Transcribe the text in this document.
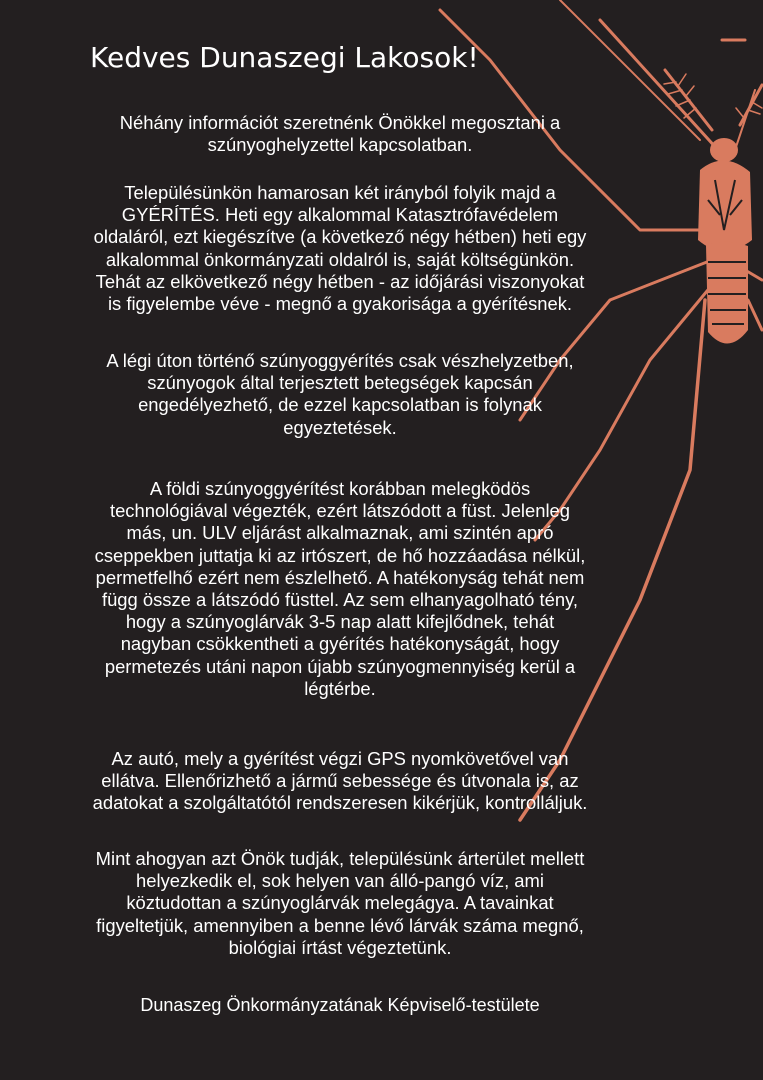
Kedves Dunaszegi Lakosok!

Néhány információt szeretnénk Önökkel megosztani a
szúnyoghelyzettel kapcsolatban.

Településünkön hamarosan két irányból folyik majd a
GYÉRÍTÉS. Heti egy alkalommal Katasztrófavédelem
oldaláról, ezt kiegészítve (a következő négy hétben) heti egy
alkalommal önkormányzati oldalról is, saját költségünkön.
Tehát az elkövetkező négy hétben - az időjárási viszonyokat
is figyelembe véve - megnő a gyakorisága a gyérítésnek.

A légi úton történő szúnyoggyérítés csak vészhelyzetben,
szúnyogok által terjesztett betegségek kapcsán
engedélyezhető, de ezzel kapcsolatban is folynak
egyeztetések.

A földi szúnyoggyérítést korábban melegködös
technológiával végezték, ezért látszódott a füst. Jelenleg
más, un. ULV eljárást alkalmaznak, ami szintén apró
cseppekben juttatja ki az irtószert, de hő hozzáadása nélkül,
permetfelhő ezért nem észlelhető. A hatékonyság tehát nem
függ össze a látszódó füsttel. Az sem elhanyagolható tény,
hogy a szúnyoglárvák 3-5 nap alatt kifejlődnek, tehát
nagyban csökkentheti a gyérítés hatékonyságát, hogy
permetezés utáni napon újabb szúnyogmennyiség kerül a
légtérbe.

Az autó, mely a gyérítést végzi GPS nyomkövetővel van
ellátva. Ellenőrizhető a jármű sebessége és útvonala is, az
adatokat a szolgáltatótól rendszeresen kikérjük, kontrolláljuk.

Mint ahogyan azt Önök tudják, településünk árterület mellett
helyezkedik el, sok helyen van álló-pangó víz, ami
köztudottan a szúnyoglárvák melegágya. A tavainkat
figyeltetjük, amennyiben a benne lévő lárvák száma megnő,
biológiai írtást végeztetünk.

Dunaszeg Önkormányzatának Képviselő-testülete
